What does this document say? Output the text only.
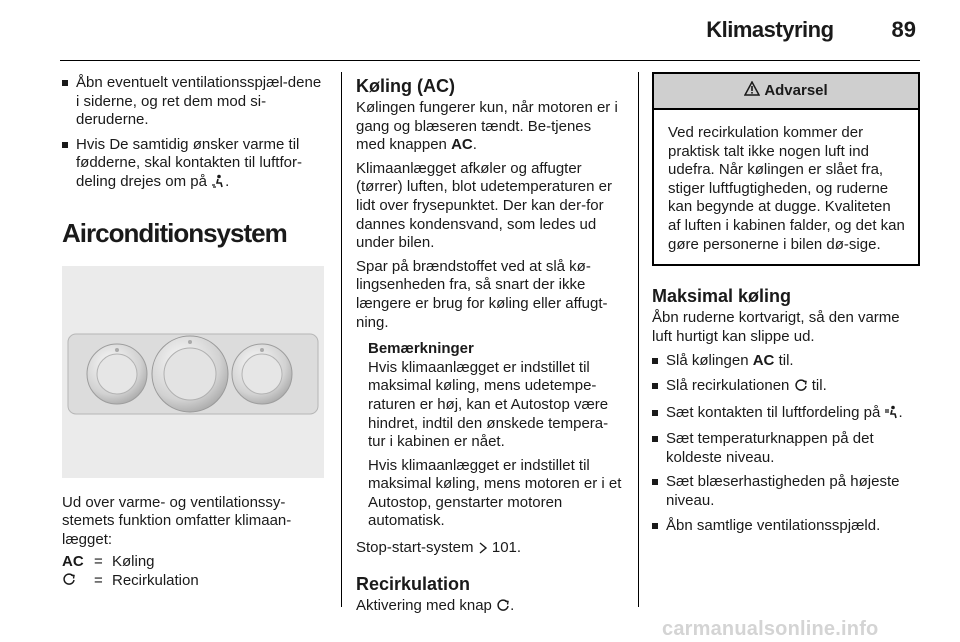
Klimastyring	89
Åbn eventuelt ventilationsspjæl-dene i siderne, og ret dem mod si-deruderne.
Hvis De samtidig ønsker varme til fødderne, skal kontakten til luftfor-deling drejes om på .
Airconditionsystem
Ud over varme- og ventilationssy-stemets funktion omfatter klimaan-lægget:
AC = Køling
= Recirkulation
Køling (AC)
Kølingen fungerer kun, når motoren er i gang og blæseren tændt. Be-tjenes med knappen AC.
Klimaanlægget afkøler og affugter (tørrer) luften, blot udetemperaturen er lidt over frysepunktet. Der kan der-for dannes kondensvand, som ledes ud under bilen.
Spar på brændstoffet ved at slå kø-lingsenheden fra, så snart der ikke længere er brug for køling eller affugt-ning.
Bemærkninger
Hvis klimaanlægget er indstillet til maksimal køling, mens udetempe-raturen er høj, kan et Autostop være hindret, indtil den ønskede tempera-tur i kabinen er nået.
Hvis klimaanlægget er indstillet til maksimal køling, mens motoren er i et Autostop, genstarter motoren automatisk.
Stop-start-system 101.
Recirkulation
Aktivering med knap .
Advarsel
Ved recirkulation kommer der praktisk talt ikke nogen luft ind udefra. Når kølingen er slået fra, stiger luftfugtigheden, og ruderne kan begynde at dugge. Kvaliteten af luften i kabinen falder, og det kan gøre personerne i bilen dø-sige.
Maksimal køling
Åbn ruderne kortvarigt, så den varme luft hurtigt kan slippe ud.
Slå kølingen AC til.
Slå recirkulationen til.
Sæt kontakten til luftfordeling på .
Sæt temperaturknappen på det koldeste niveau.
Sæt blæserhastigheden på højeste niveau.
Åbn samtlige ventilationsspjæld.
carmanualsonline.info
